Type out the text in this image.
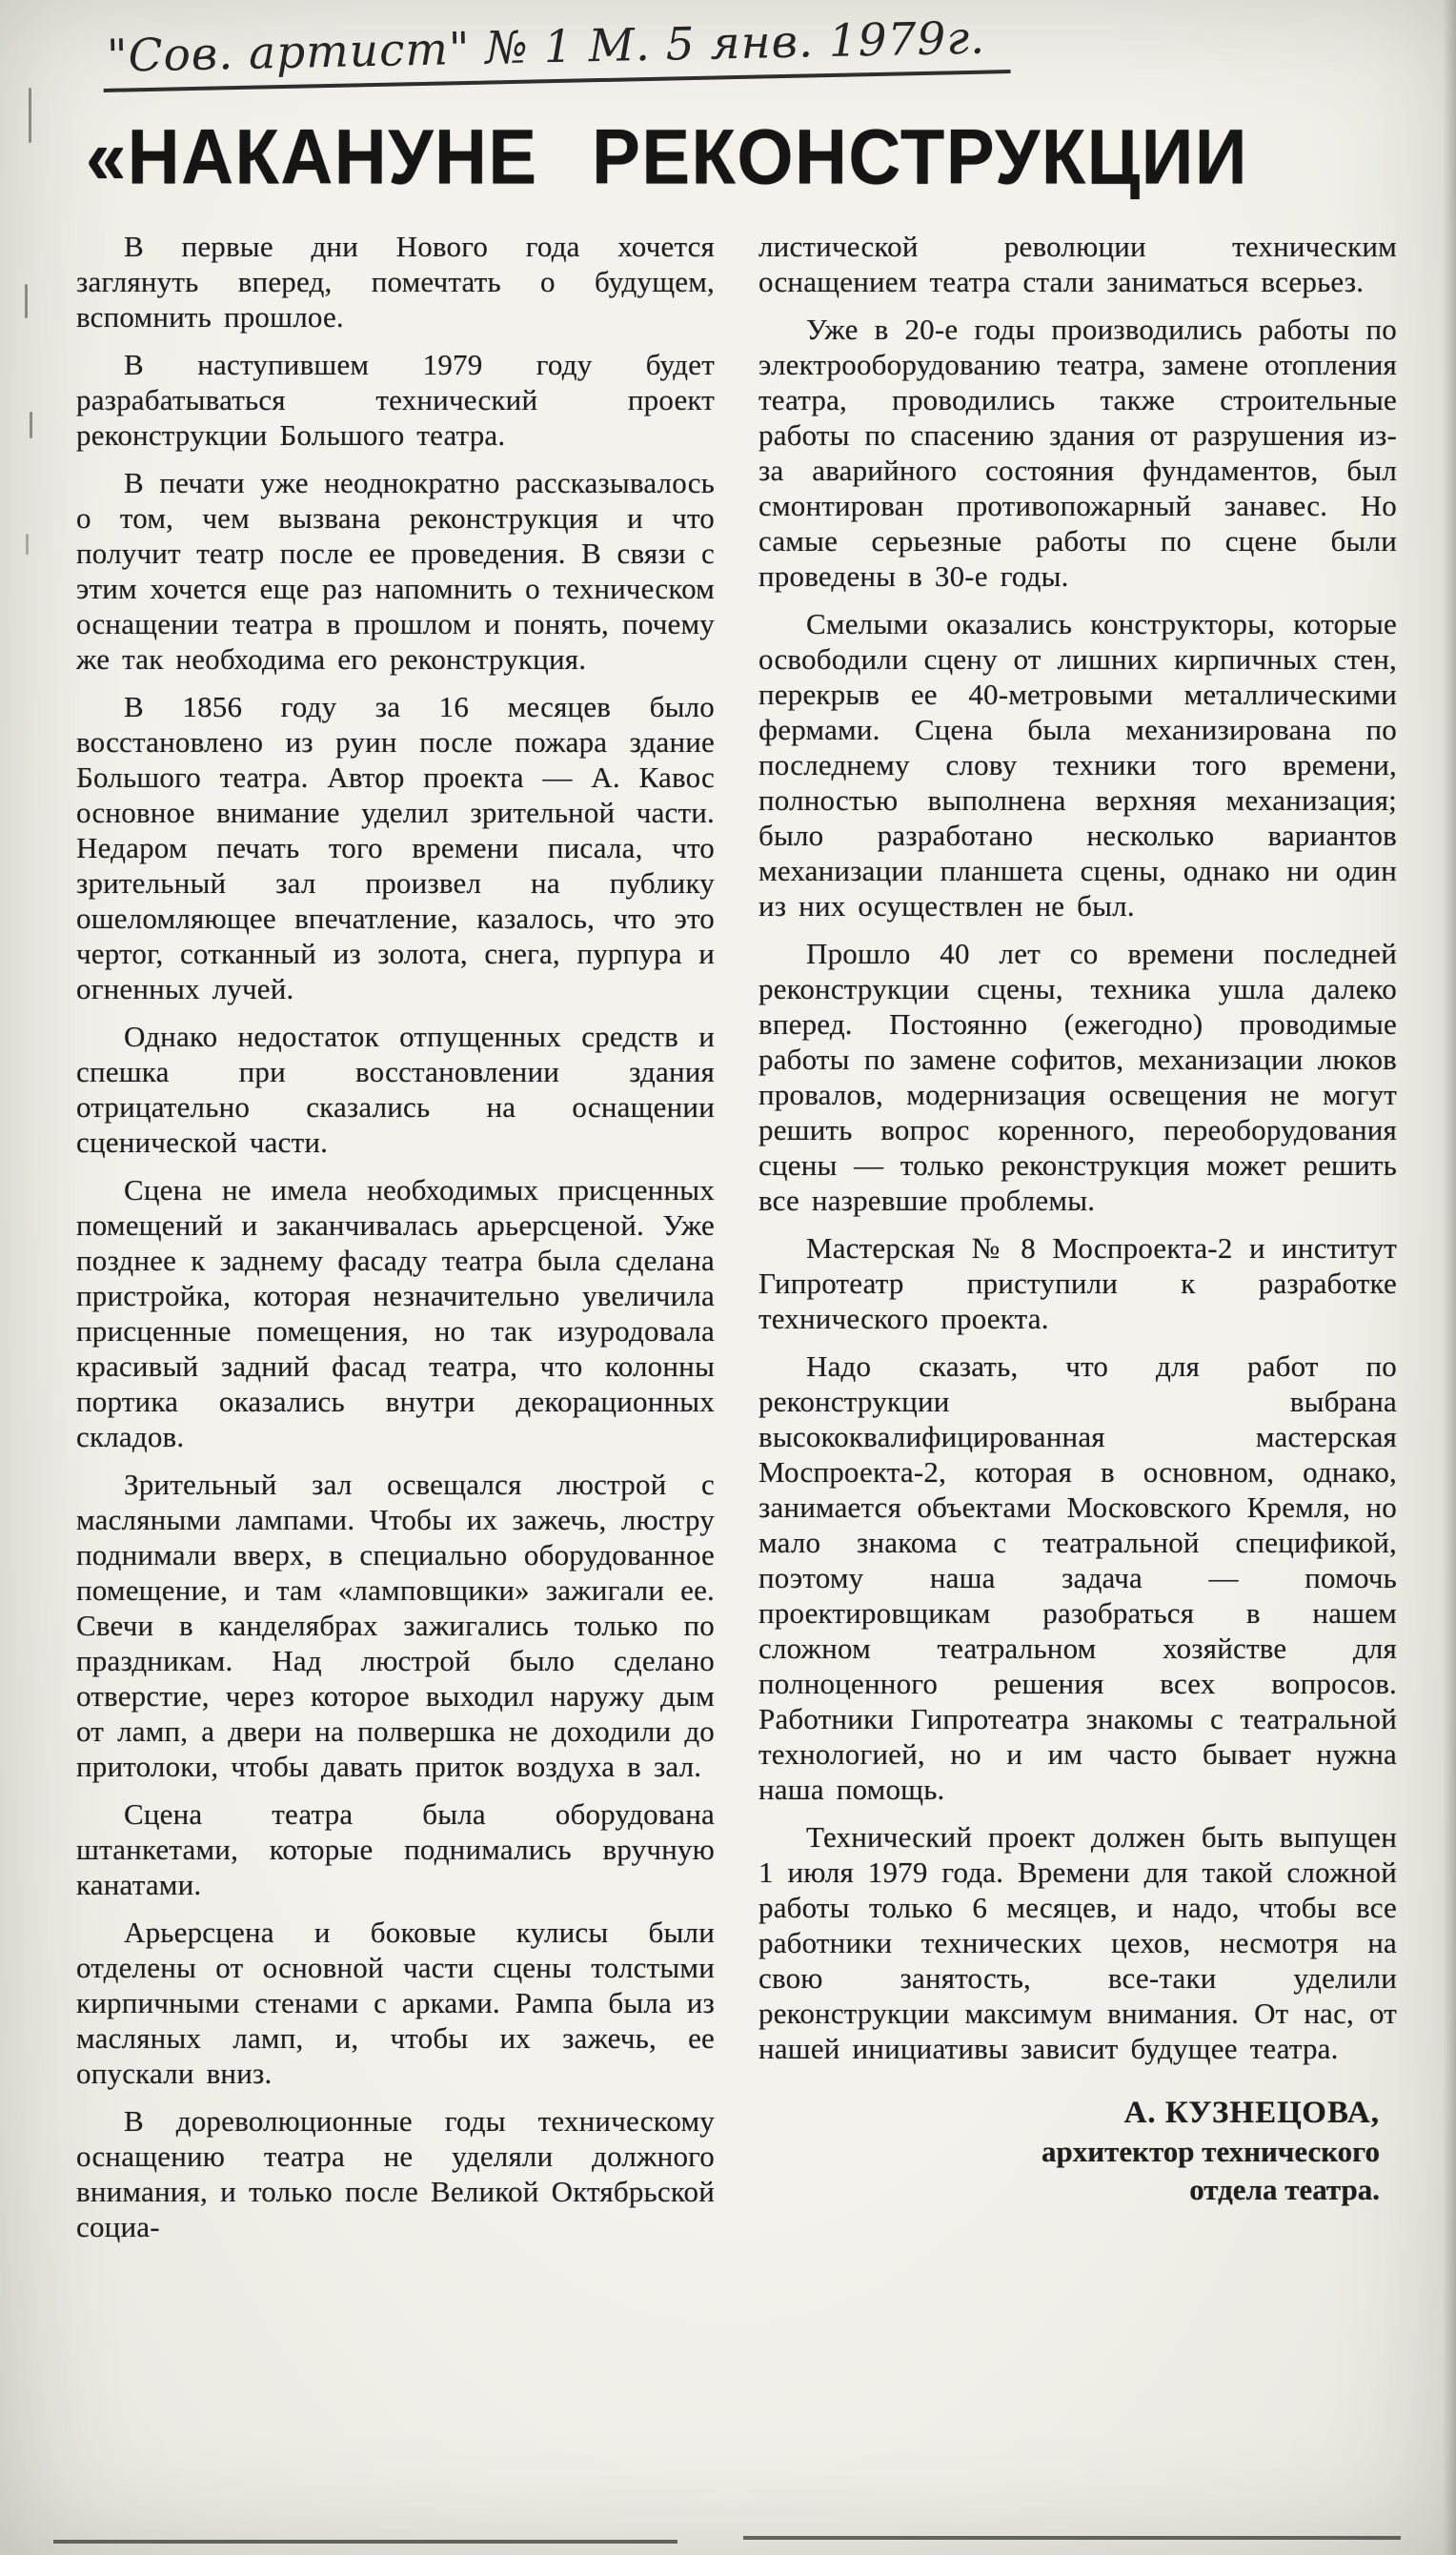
"Сов. артист" № 1 М. 5 янв. 1979г.
«НАКАНУНЕ РЕКОНСТРУКЦИИ

В первые дни Нового года хочется заглянуть вперед, помечтать о будущем, вспомнить прошлое.

В наступившем 1979 году будет разрабатываться технический проект реконструкции Большого театра.

В печати уже неоднократно рассказывалось о том, чем вызвана реконструкция и что получит театр после ее проведения. В связи с этим хочется еще раз напомнить о техническом оснащении театра в прошлом и понять, почему же так необходима его реконструкция.

В 1856 году за 16 месяцев было восстановлено из руин после пожара здание Большого театра. Автор проекта — А. Кавос основное внимание уделил зрительной части. Недаром печать того времени писала, что зрительный зал произвел на публику ошеломляющее впечатление, казалось, что это чертог, сотканный из золота, снега, пурпура и огненных лучей.

Однако недостаток отпущенных средств и спешка при восстановлении здания отрицательно сказались на оснащении сценической части.

Сцена не имела необходимых присценных помещений и заканчивалась арьерсценой. Уже позднее к заднему фасаду театра была сделана пристройка, которая незначительно увеличила присценные помещения, но так изуродовала красивый задний фасад театра, что колонны портика оказались внутри декорационных складов.

Зрительный зал освещался люстрой с масляными лампами. Чтобы их зажечь, люстру поднимали вверх, в специально оборудованное помещение, и там «ламповщики» зажигали ее. Свечи в канделябрах зажигались только по праздникам. Над люстрой было сделано отверстие, через которое выходил наружу дым от ламп, а двери на полвершка не доходили до притолоки, чтобы давать приток воздуха в зал.

Сцена театра была оборудована штанкетами, которые поднимались вручную канатами.

Арьерсцена и боковые кулисы были отделены от основной части сцены толстыми кирпичными стенами с арками. Рампа была из масляных ламп, и, чтобы их зажечь, ее опускали вниз.

В дореволюционные годы техническому оснащению театра не уделяли должного внимания, и только после Великой Октябрьской социа-

листической революции техническим оснащением театра стали заниматься всерьез.

Уже в 20-е годы производились работы по электрооборудованию театра, замене отопления театра, проводились также строительные работы по спасению здания от разрушения из-за аварийного состояния фундаментов, был смонтирован противопожарный занавес. Но самые серьезные работы по сцене были проведены в 30-е годы.

Смелыми оказались конструкторы, которые освободили сцену от лишних кирпичных стен, перекрыв ее 40-метровыми металлическими фермами. Сцена была механизирована по последнему слову техники того времени, полностью выполнена верхняя механизация; было разработано несколько вариантов механизации планшета сцены, однако ни один из них осуществлен не был.

Прошло 40 лет со времени последней реконструкции сцены, техника ушла далеко вперед. Постоянно (ежегодно) проводимые работы по замене софитов, механизации люков провалов, модернизация освещения не могут решить вопрос коренного, переоборудования сцены — только реконструкция может решить все назревшие проблемы.

Мастерская № 8 Моспроекта-2 и институт Гипротеатр приступили к разработке технического проекта.

Надо сказать, что для работ по реконструкции выбрана высококвалифицированная мастерская Моспроекта-2, которая в основном, однако, занимается объектами Московского Кремля, но мало знакома с театральной спецификой, поэтому наша задача — помочь проектировщикам разобраться в нашем сложном театральном хозяйстве для полноценного решения всех вопросов. Работники Гипротеатра знакомы с театральной технологией, но и им часто бывает нужна наша помощь.

Технический проект должен быть выпущен 1 июля 1979 года. Времени для такой сложной работы только 6 месяцев, и надо, чтобы все работники технических цехов, несмотря на свою занятость, все-таки уделили реконструкции максимум внимания. От нас, от нашей инициативы зависит будущее театра.

А. КУЗНЕЦОВА,
архитектор технического
отдела театра.
